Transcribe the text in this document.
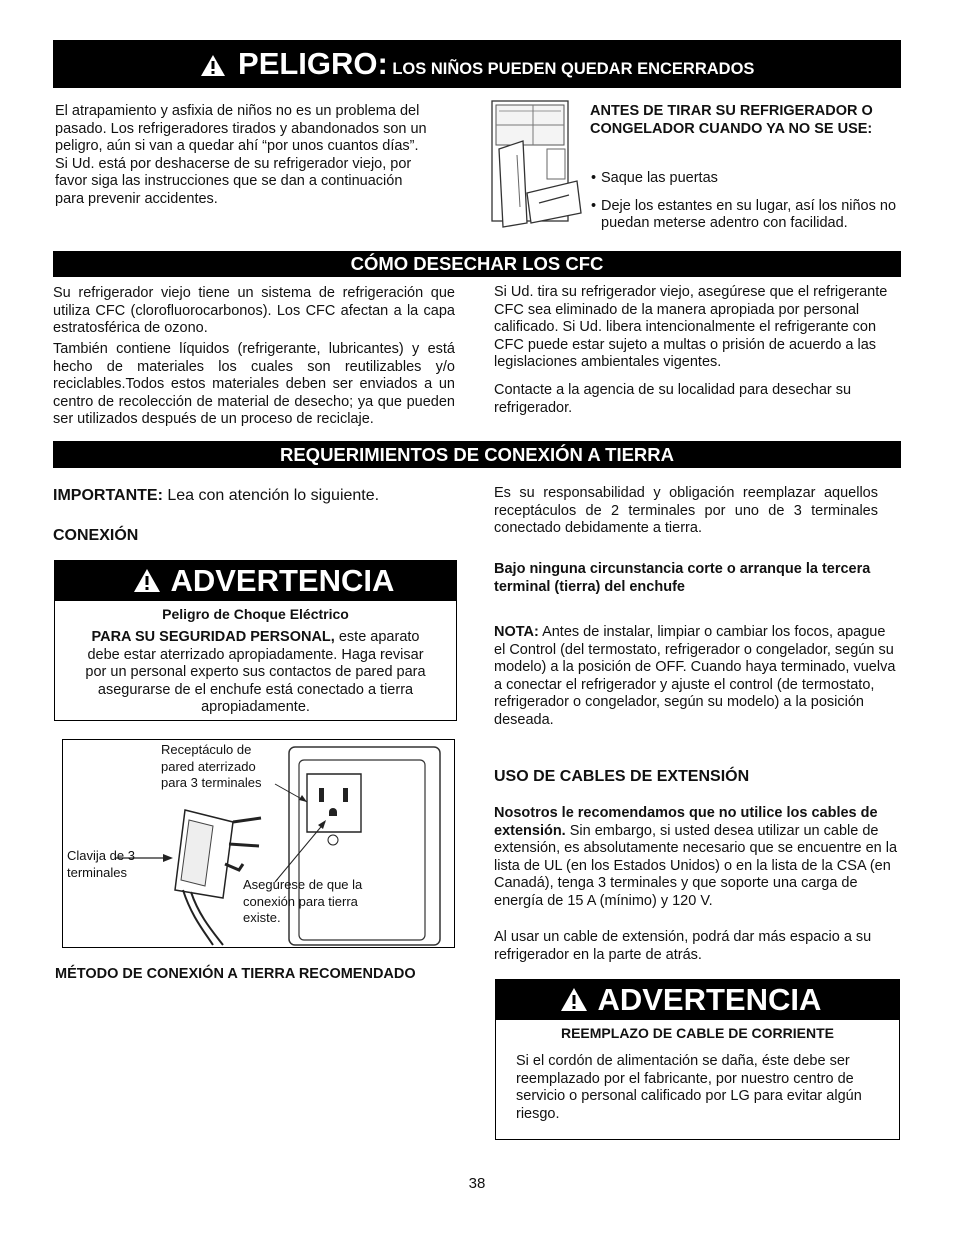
PELIGRO: LOS NIÑOS PUEDEN QUEDAR ENCERRADOS

El atrapamiento y asfixia de niños no es un problema del pasado. Los refrigeradores tirados y abandonados son un peligro, aún si van a quedar ahí “por unos cuantos días”. Si Ud. está por deshacerse de su refrigerador viejo, por favor siga las instrucciones que se dan a continuación para prevenir accidentes.

ANTES DE TIRAR SU REFRIGERADOR O CONGELADOR CUANDO YA NO SE USE:
• Saque las puertas
• Deje los estantes en su lugar, así los niños no puedan meterse adentro con facilidad.
CÓMO DESECHAR LOS CFC

Su refrigerador viejo tiene un sistema de refrigeración que utiliza CFC (clorofluorocarbonos). Los CFC afectan a la capa estratosférica de ozono.

También contiene líquidos (refrigerante, lubricantes) y está hecho de materiales los cuales son reutilizables y/o reciclables.Todos estos materiales deben ser enviados a un centro de recolección de material de desecho; ya que pueden ser utilizados después de un proceso de reciclaje.

Si Ud. tira su refrigerador viejo, asegúrese que el refrigerante CFC sea eliminado de la manera apropiada por personal calificado. Si Ud. libera intencionalmente el refrigerante con CFC puede estar sujeto a multas o prisión de acuerdo a las legislaciones ambientales vigentes.

Contacte a la agencia de su localidad para desechar su refrigerador.

REQUERIMIENTOS DE CONEXIÓN A TIERRA
IMPORTANTE: Lea con atención lo siguiente.
CONEXIÓN
ADVERTENCIA
Peligro de Choque Eléctrico

PARA SU SEGURIDAD PERSONAL, este aparato debe estar aterrizado apropiadamente. Haga revisar por un personal experto sus contactos de pared para asegurarse de el enchufe está conectado a tierra apropiadamente.

Receptáculo de pared aterrizado para 3 terminales
Clavija de 3 terminales
Asegúrese de que la conexión para tierra existe.
MÉTODO DE CONEXIÓN A TIERRA RECOMENDADO

Es su responsabilidad y obligación reemplazar aquellos receptáculos de 2 terminales por uno de 3 terminales conectado debidamente a tierra.

Bajo ninguna circunstancia corte o arranque la tercera terminal (tierra) del enchufe

NOTA: Antes de instalar, limpiar o cambiar los focos, apague el Control (del termostato, refrigerador o congelador, según su modelo) a la posición de OFF. Cuando haya terminado, vuelva a conectar el refrigerador y ajuste el control (de termostato, refrigerador o congelador, según su modelo) a la posición deseada.

USO DE CABLES DE EXTENSIÓN

Nosotros le recomendamos que no utilice los cables de extensión. Sin embargo, si usted desea utilizar un cable de extensión, es absolutamente necesario que se encuentre en la lista de UL (en los Estados Unidos) o en la lista de la CSA (en Canadá), tenga 3 terminales y que soporte una carga de energía de 15 A (mínimo) y 120 V.

Al usar un cable de extensión, podrá dar más espacio a su refrigerador en la parte de atrás.

ADVERTENCIA
REEMPLAZO DE CABLE DE CORRIENTE

Si el cordón de alimentación se daña, éste debe ser reemplazado por el fabricante, por nuestro centro de servicio o personal calificado por LG para evitar algún riesgo.

38
